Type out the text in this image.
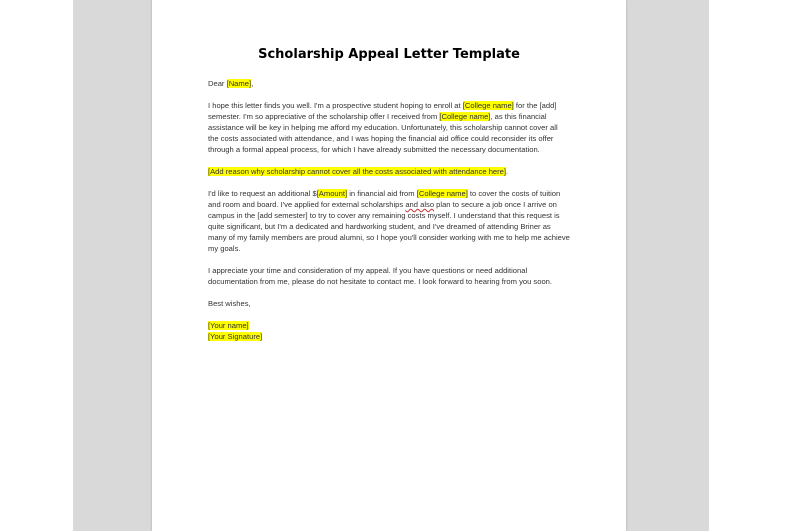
Scholarship Appeal Letter Template

Dear [Name],

I hope this letter finds you well. I'm a prospective student hoping to enroll at [College name] for the [add] semester. I'm so appreciative of the scholarship offer I received from [College name], as this financial assistance will be key in helping me afford my education. Unfortunately, this scholarship cannot cover all the costs associated with attendance, and I was hoping the financial aid office could reconsider its offer through a formal appeal process, for which I have already submitted the necessary documentation.

[Add reason why scholarship cannot cover all the costs associated with attendance here].

I'd like to request an additional $[Amount] in financial aid from [College name] to cover the costs of tuition and room and board. I've applied for external scholarships and also plan to secure a job once I arrive on campus in the [add semester] to try to cover any remaining costs myself. I understand that this request is quite significant, but I'm a dedicated and hardworking student, and I've dreamed of attending Briner as many of my family members are proud alumni, so I hope you'll consider working with me to help me achieve my goals.

I appreciate your time and consideration of my appeal. If you have questions or need additional documentation from me, please do not hesitate to contact me. I look forward to hearing from you soon.

Best wishes,

[Your name]
[Your Signature]
